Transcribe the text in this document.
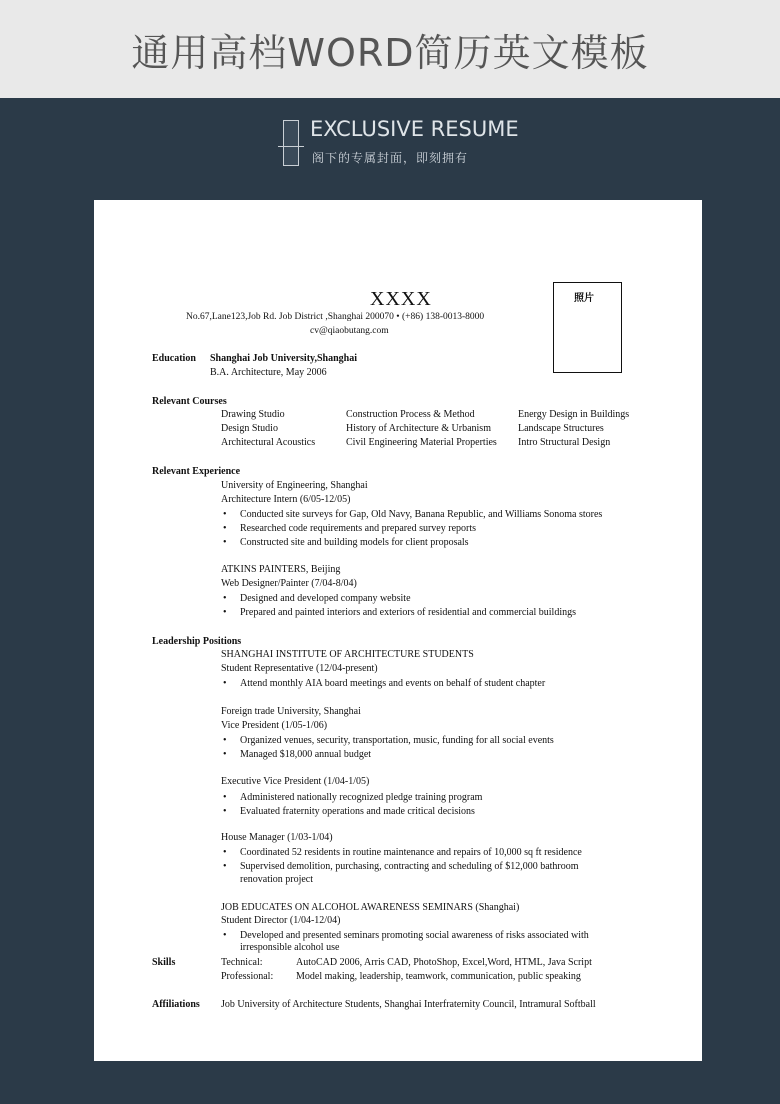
通用高档WORD简历英文模板
EXCLUSIVE RESUME
阁下的专属封面，即刻拥有
XXXX
No.67,Lane123,Job Rd. Job District ,Shanghai 200070 • (+86) 138-0013-8000
cv@qiaobutang.com
照片
Education Shanghai Job University,Shanghai
B.A. Architecture, May 2006
Relevant Courses
Drawing Studio
Design Studio
Architectural Acoustics
Construction Process & Method
History of Architecture & Urbanism
Civil Engineering Material Properties
Energy Design in Buildings
Landscape Structures
Intro Structural Design
Relevant Experience
University of Engineering, Shanghai
Architecture Intern (6/05-12/05)
• Conducted site surveys for Gap, Old Navy, Banana Republic, and Williams Sonoma stores
• Researched code requirements and prepared survey reports
• Constructed site and building models for client proposals
ATKINS PAINTERS, Beijing
Web Designer/Painter (7/04-8/04)
• Designed and developed company website
• Prepared and painted interiors and exteriors of residential and commercial buildings
Leadership Positions
SHANGHAI INSTITUTE OF ARCHITECTURE STUDENTS
Student Representative (12/04-present)
• Attend monthly AIA board meetings and events on behalf of student chapter
Foreign trade University, Shanghai
Vice President (1/05-1/06)
• Organized venues, security, transportation, music, funding for all social events
• Managed $18,000 annual budget
Executive Vice President (1/04-1/05)
• Administered nationally recognized pledge training program
• Evaluated fraternity operations and made critical decisions
House Manager (1/03-1/04)
• Coordinated 52 residents in routine maintenance and repairs of 10,000 sq ft residence
• Supervised demolition, purchasing, contracting and scheduling of $12,000 bathroom
renovation project
JOB EDUCATES ON ALCOHOL AWARENESS SEMINARS (Shanghai)
Student Director (1/04-12/04)
• Developed and presented seminars promoting social awareness of risks associated with
irresponsible alcohol use
Skills	Technical:	AutoCAD 2006, Arris CAD, PhotoShop, Excel,Word, HTML, Java Script
Professional: Model making, leadership, teamwork, communication, public speaking
Affiliations Job University of Architecture Students, Shanghai Interfraternity Council, Intramural Softball
